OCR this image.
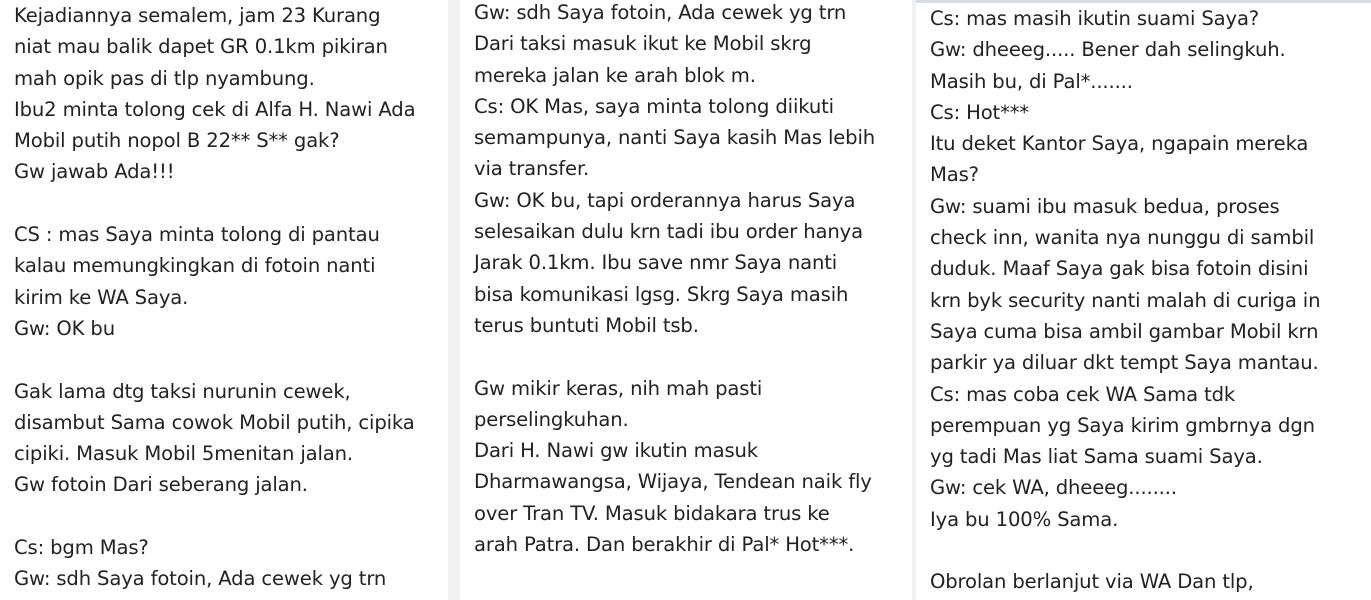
Kejadiannya semalem, jam 23 Kurang
niat mau balik dapet GR 0.1km pikiran
mah opik pas di tlp nyambung.
Ibu2 minta tolong cek di Alfa H. Nawi Ada
Mobil putih nopol B 22** S** gak?
Gw jawab Ada!!!
CS : mas Saya minta tolong di pantau
kalau memungkingkan di fotoin nanti
kirim ke WA Saya.
Gw: OK bu
Gak lama dtg taksi nurunin cewek,
disambut Sama cowok Mobil putih, cipika
cipiki. Masuk Mobil 5menitan jalan.
Gw fotoin Dari seberang jalan.
Cs: bgm Mas?
Gw: sdh Saya fotoin, Ada cewek yg trn
Gw: sdh Saya fotoin, Ada cewek yg trn
Dari taksi masuk ikut ke Mobil skrg
mereka jalan ke arah blok m.
Cs: OK Mas, saya minta tolong diikuti
semampunya, nanti Saya kasih Mas lebih
via transfer.
Gw: OK bu, tapi orderannya harus Saya
selesaikan dulu krn tadi ibu order hanya
Jarak 0.1km. Ibu save nmr Saya nanti
bisa komunikasi lgsg. Skrg Saya masih
terus buntuti Mobil tsb.
Gw mikir keras, nih mah pasti
perselingkuhan.
Dari H. Nawi gw ikutin masuk
Dharmawangsa, Wijaya, Tendean naik fly
over Tran TV. Masuk bidakara trus ke
arah Patra. Dan berakhir di Pal* Hot***.
Cs: mas masih ikutin suami Saya?
Gw: dheeeg..... Bener dah selingkuh.
Masih bu, di Pal*.......
Cs: Hot***
Itu deket Kantor Saya, ngapain mereka
Mas?
Gw: suami ibu masuk bedua, proses
check inn, wanita nya nunggu di sambil
duduk. Maaf Saya gak bisa fotoin disini
krn byk security nanti malah di curiga in
Saya cuma bisa ambil gambar Mobil krn
parkir ya diluar dkt tempt Saya mantau.
Cs: mas coba cek WA Sama tdk
perempuan yg Saya kirim gmbrnya dgn
yg tadi Mas liat Sama suami Saya.
Gw: cek WA, dheeeg........
Iya bu 100% Sama.
Obrolan berlanjut via WA Dan tlp,
